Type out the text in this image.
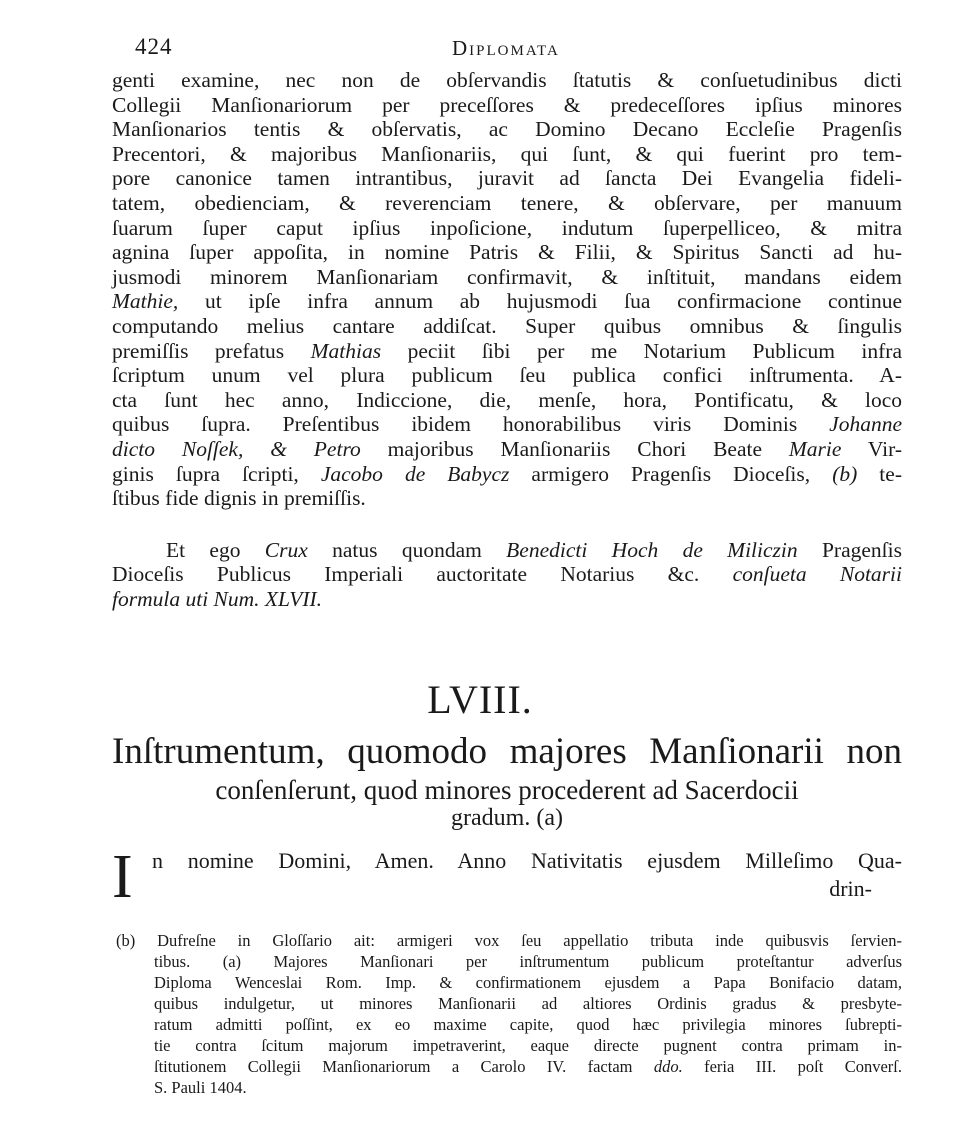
424	Diplomata
genti examine, nec non de obſervandis ſtatutis & conſuetudinibus dicti
Collegii Manſionariorum per preceſſores & predeceſſores ipſius minores
Manſionarios tentis & obſervatis, ac Domino Decano Eccleſie Pragenſis
Precentori, & majoribus Manſionariis, qui ſunt, & qui fuerint pro tem-
pore canonice tamen intrantibus, juravit ad ſancta Dei Evangelia fideli-
tatem, obedienciam, & reverenciam tenere, & obſervare, per manuum
ſuarum ſuper caput ipſius inpoſicione, indutum ſuperpelliceo, & mitra
agnina ſuper appoſita, in nomine Patris & Filii, & Spiritus Sancti ad hu-
jusmodi minorem Manſionariam confirmavit, & inſtituit, mandans eidem
Mathie, ut ipſe infra annum ab hujusmodi ſua confirmacione continue
computando melius cantare addiſcat. Super quibus omnibus & ſingulis
premiſſis prefatus Mathias peciit ſibi per me Notarium Publicum infra
ſcriptum unum vel plura publicum ſeu publica confici inſtrumenta. A-
cta ſunt hec anno, Indiccione, die, menſe, hora, Pontificatu, & loco
quibus ſupra. Preſentibus ibidem honorabilibus viris Dominis Johanne
dicto Noſſek, & Petro majoribus Manſionariis Chori Beate Marie Vir-
ginis ſupra ſcripti, Jacobo de Babycz armigero Pragenſis Dioceſis, (b) te-
ſtibus fide dignis in premiſſis.
Et ego Crux natus quondam Benedicti Hoch de Miliczin Pragenſis
Dioceſis Publicus Imperiali auctoritate Notarius &c. conſueta Notarii
formula uti Num. XLVII.
LVIII.
Inſtrumentum, quomodo majores Manſionarii non
conſenſerunt, quod minores procederent ad Sacerdocii
gradum. (a)
I n nomine Domini, Amen. Anno Nativitatis ejusdem Milleſimo Qua-
drin-
(b) Dufreſne in Gloſſario ait: armigeri vox ſeu appellatio tributa inde quibusvis ſervien-
tibus. (a) Majores Manſionari per inſtrumentum publicum proteſtantur adverſus
Diploma Wenceslai Rom. Imp. & confirmationem ejusdem a Papa Bonifacio datam,
quibus indulgetur, ut minores Manſionarii ad altiores Ordinis gradus & presbyte-
ratum admitti poſſint, ex eo maxime capite, quod hæc privilegia minores ſubrepti-
tie contra ſcitum majorum impetraverint, eaque directe pugnent contra primam in-
ſtitutionem Collegii Manſionariorum a Carolo IV. factam ddo. feria III. poſt Converſ.
S. Pauli 1404.
